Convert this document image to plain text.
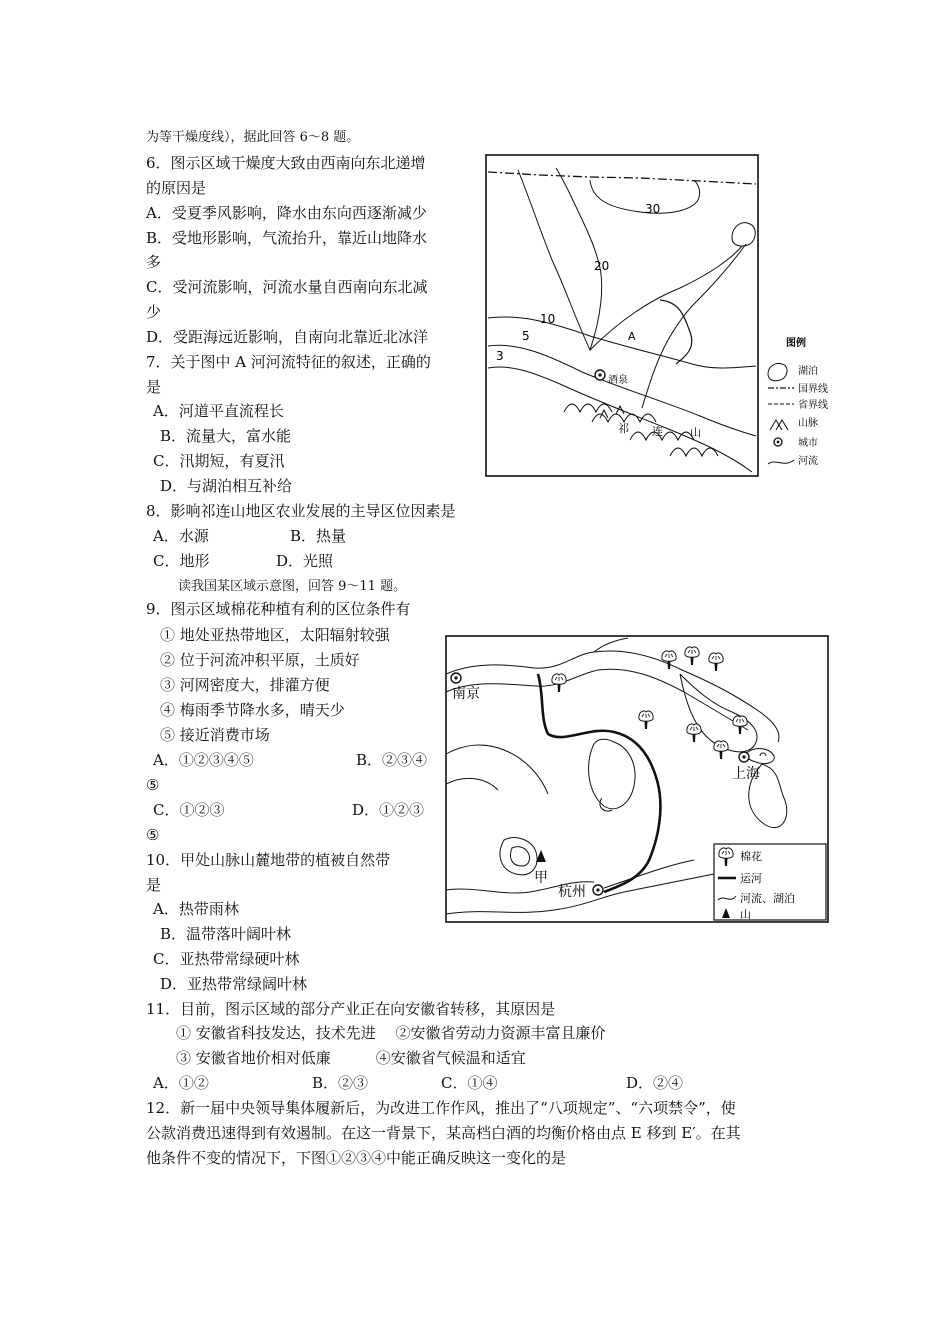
为等干燥度线），据此回答 6～8 题。
6．图示区域干燥度大致由西南向东北递增
的原因是
A．受夏季风影响，降水由东向西逐渐减少
B．受地形影响，气流抬升，靠近山地降水
多
C．受河流影响，河流水量自西南向东北减
少
D．受距海远近影响，自南向北靠近北冰洋
7．关于图中 A 河河流特征的叙述，正确的
是
A．河道平直流程长
B．流量大，富水能
C．汛期短，有夏汛
D．与湖泊相互补给
8．影响祁连山地区农业发展的主导区位因素是
A．水源	B．热量
C．地形	D．光照
读我国某区域示意图，回答 9～11 题。
9．图示区域棉花种植有利的区位条件有
① 地处亚热带地区，太阳辐射较强
② 位于河流冲积平原，土质好
③ 河网密度大，排灌方便
④ 梅雨季节降水多，晴天少
⑤ 接近消费市场
A．①②③④⑤	B．②③④
⑤
C．①②③	D．①②③
⑤
10．甲处山脉山麓地带的植被自然带
是
A．热带雨林
B．温带落叶阔叶林
C．亚热带常绿硬叶林
D．亚热带常绿阔叶林
11．目前，图示区域的部分产业正在向安徽省转移，其原因是
① 安徽省科技发达，技术先进　 ②安徽省劳动力资源丰富且廉价
③ 安徽省地价相对低廉　　　④安徽省气候温和适宜
A．①②	B．②③	C．①④	D．②④
12．新一届中央领导集体履新后，为改进工作作风，推出了“八项规定”、“六项禁令”，使
公款消费迅速得到有效遏制。在这一背景下，某高档白酒的均衡价格由点 E 移到 E′。在其
他条件不变的情况下，下图①②③④中能正确反映这一变化的是
30
20
10
5
3
A
酒泉
祁 连 山
图例
湖泊
国界线
省界线
山脉
城市
河流
南京
上海
杭州
甲
棉花
运河
河流、湖泊
山
